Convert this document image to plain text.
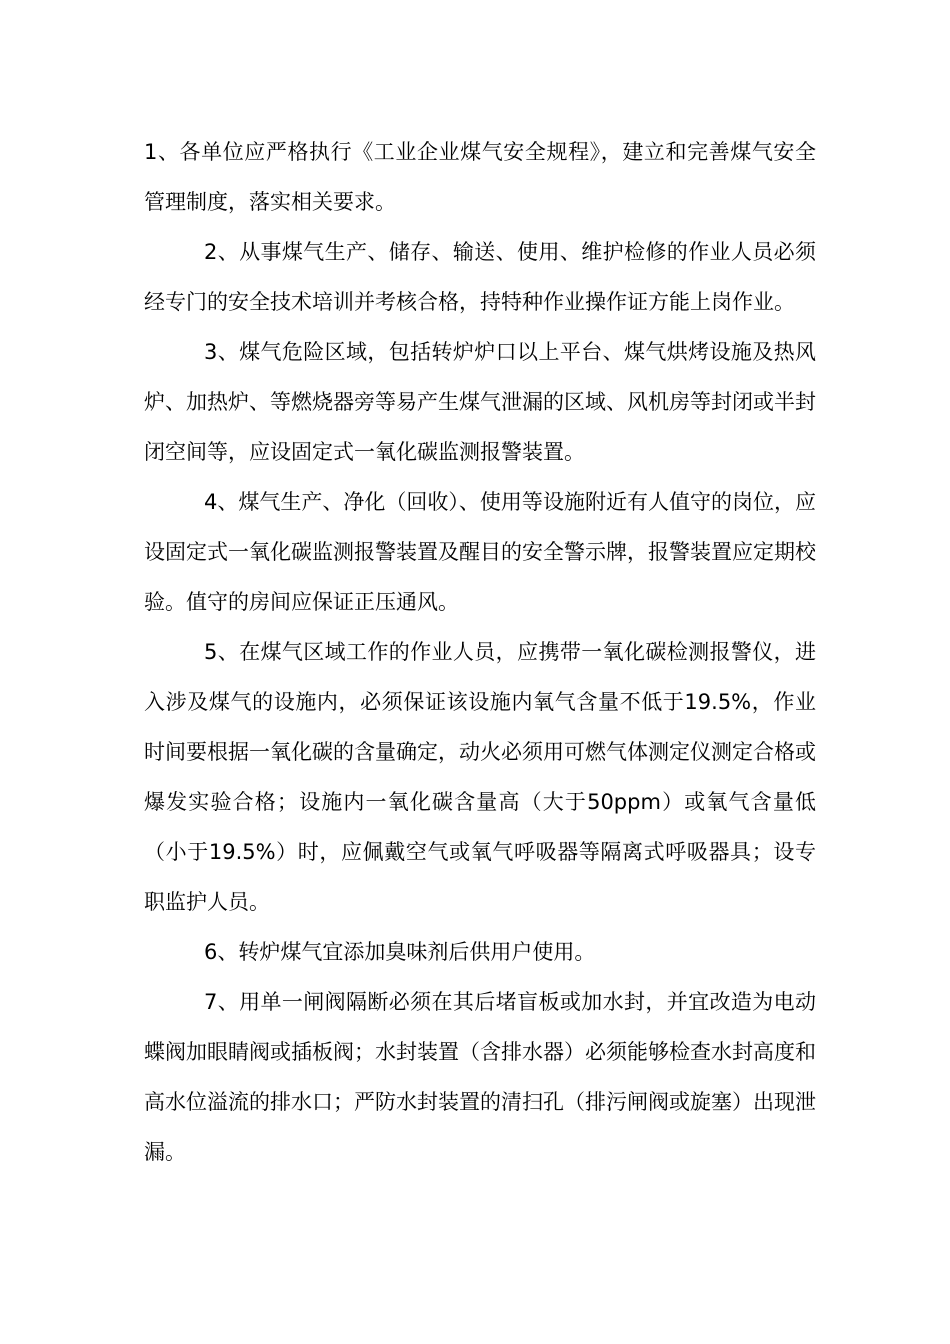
1、各单位应严格执行《工业企业煤气安全规程》，建立和完善煤气安全管理制度，落实相关要求。

2、从事煤气生产、储存、输送、使用、维护检修的作业人员必须经专门的安全技术培训并考核合格，持特种作业操作证方能上岗作业。

3、煤气危险区域，包括转炉炉口以上平台、煤气烘烤设施及热风炉、加热炉、等燃烧器旁等易产生煤气泄漏的区域、风机房等封闭或半封闭空间等，应设固定式一氧化碳监测报警装置。

4、煤气生产、净化（回收）、使用等设施附近有人值守的岗位，应设固定式一氧化碳监测报警装置及醒目的安全警示牌，报警装置应定期校验。值守的房间应保证正压通风。

5、在煤气区域工作的作业人员，应携带一氧化碳检测报警仪，进入涉及煤气的设施内，必须保证该设施内氧气含量不低于19.5%，作业时间要根据一氧化碳的含量确定，动火必须用可燃气体测定仪测定合格或爆发实验合格；设施内一氧化碳含量高（大于50ppm）或氧气含量低（小于19.5%）时，应佩戴空气或氧气呼吸器等隔离式呼吸器具；设专职监护人员。

6、转炉煤气宜添加臭味剂后供用户使用。

7、用单一闸阀隔断必须在其后堵盲板或加水封，并宜改造为电动蝶阀加眼睛阀或插板阀；水封装置（含排水器）必须能够检查水封高度和高水位溢流的排水口；严防水封装置的清扫孔（排污闸阀或旋塞）出现泄漏。
